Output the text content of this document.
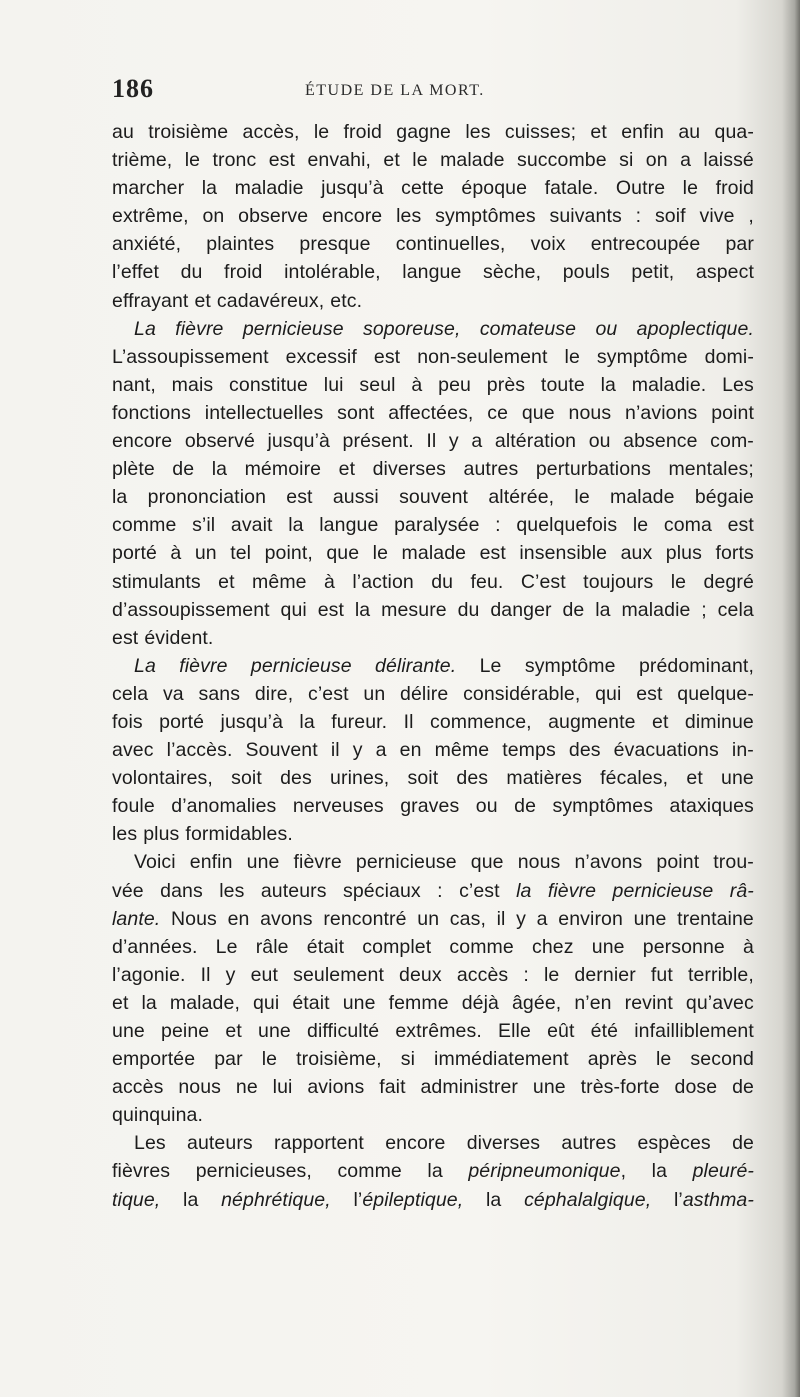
186	ÉTUDE DE LA MORT.
au troisième accès, le froid gagne les cuisses; et enfin au qua-
trième, le tronc est envahi, et le malade succombe si on a laissé
marcher la maladie jusqu’à cette époque fatale. Outre le froid
extrême, on observe encore les symptômes suivants : soif vive ,
anxiété, plaintes presque continuelles, voix entrecoupée par
l’effet du froid intolérable, langue sèche, pouls petit, aspect
effrayant et cadavéreux, etc.
La fièvre pernicieuse soporeuse, comateuse ou apoplectique.
L’assoupissement excessif est non-seulement le symptôme domi-
nant, mais constitue lui seul à peu près toute la maladie. Les
fonctions intellectuelles sont affectées, ce que nous n’avions point
encore observé jusqu’à présent. Il y a altération ou absence com-
plète de la mémoire et diverses autres perturbations mentales;
la prononciation est aussi souvent altérée, le malade bégaie
comme s’il avait la langue paralysée : quelquefois le coma est
porté à un tel point, que le malade est insensible aux plus forts
stimulants et même à l’action du feu. C’est toujours le degré
d’assoupissement qui est la mesure du danger de la maladie ; cela
est évident.
La fièvre pernicieuse délirante. Le symptôme prédominant,
cela va sans dire, c’est un délire considérable, qui est quelque-
fois porté jusqu’à la fureur. Il commence, augmente et diminue
avec l’accès. Souvent il y a en même temps des évacuations in-
volontaires, soit des urines, soit des matières fécales, et une
foule d’anomalies nerveuses graves ou de symptômes ataxiques
les plus formidables.
Voici enfin une fièvre pernicieuse que nous n’avons point trou-
vée dans les auteurs spéciaux : c’est la fièvre pernicieuse râ-
lante. Nous en avons rencontré un cas, il y a environ une trentaine
d’années. Le râle était complet comme chez une personne à
l’agonie. Il y eut seulement deux accès : le dernier fut terrible,
et la malade, qui était une femme déjà âgée, n’en revint qu’avec
une peine et une difficulté extrêmes. Elle eût été infailliblement
emportée par le troisième, si immédiatement après le second
accès nous ne lui avions fait administrer une très-forte dose de
quinquina.
Les auteurs rapportent encore diverses autres espèces de
fièvres pernicieuses, comme la péripneumonique, la pleuré-
tique, la néphrétique, l’épileptique, la céphalalgique, l’asthma-
